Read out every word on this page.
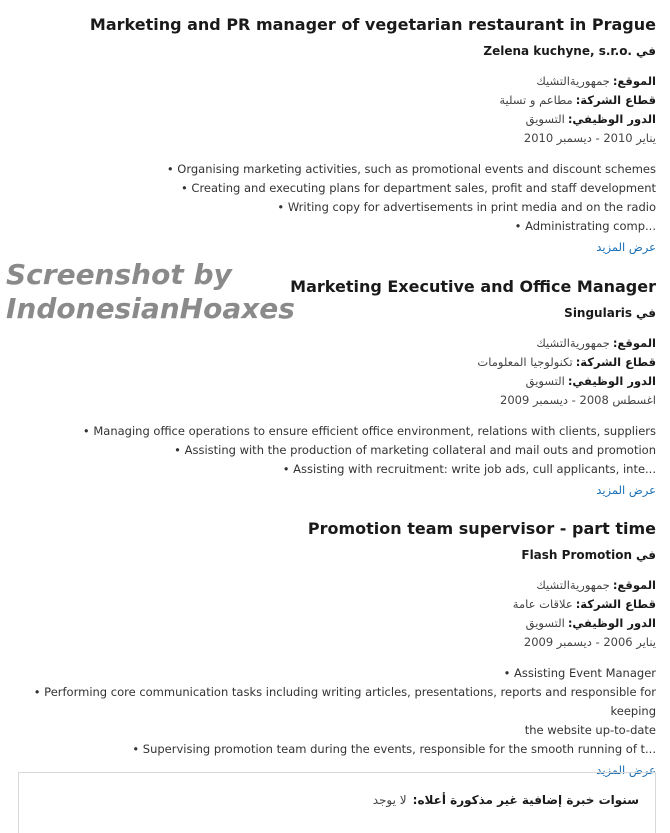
Screenshot by
IndonesianHoaxes
Marketing and PR manager of vegetarian restaurant in Prague
فيZelena kuchyne, s.r.o.
الموقع:جمهوريةالتشيك
قطاع الشركة:مطاعم و تسلية
الدور الوظيفي:التسويق
يناير 2010 - ديسمبر 2010
• Organising marketing activities, such as promotional events and discount schemes
• Creating and executing plans for department sales, profit and staff development
• Writing copy for advertisements in print media and on the radio
• Administrating comp...
عرض المزيد
Marketing Executive and Office Manager
فيSingularis
الموقع:جمهوريةالتشيك
قطاع الشركة:تكنولوجيا المعلومات
الدور الوظيفي:التسويق
اغسطس 2008 - ديسمبر 2009
• Managing office operations to ensure efficient office environment, relations with clients, suppliers
• Assisting with the production of marketing collateral and mail outs and promotion
• Assisting with recruitment: write job ads, cull applicants, inte...
عرض المزيد
Promotion team supervisor - part time
فيFlash Promotion
الموقع:جمهوريةالتشيك
قطاع الشركة:علاقات عامة
الدور الوظيفي:التسويق
يناير 2006 - ديسمبر 2009
• Assisting Event Manager
• Performing core communication tasks including writing articles, presentations, reports and responsible for keeping
the website up-to-date
• Supervising promotion team during the events, responsible for the smooth running of t...
عرض المزيد
سنوات خبرة إضافية غير مذكورة أعلاه:لا يوجد
